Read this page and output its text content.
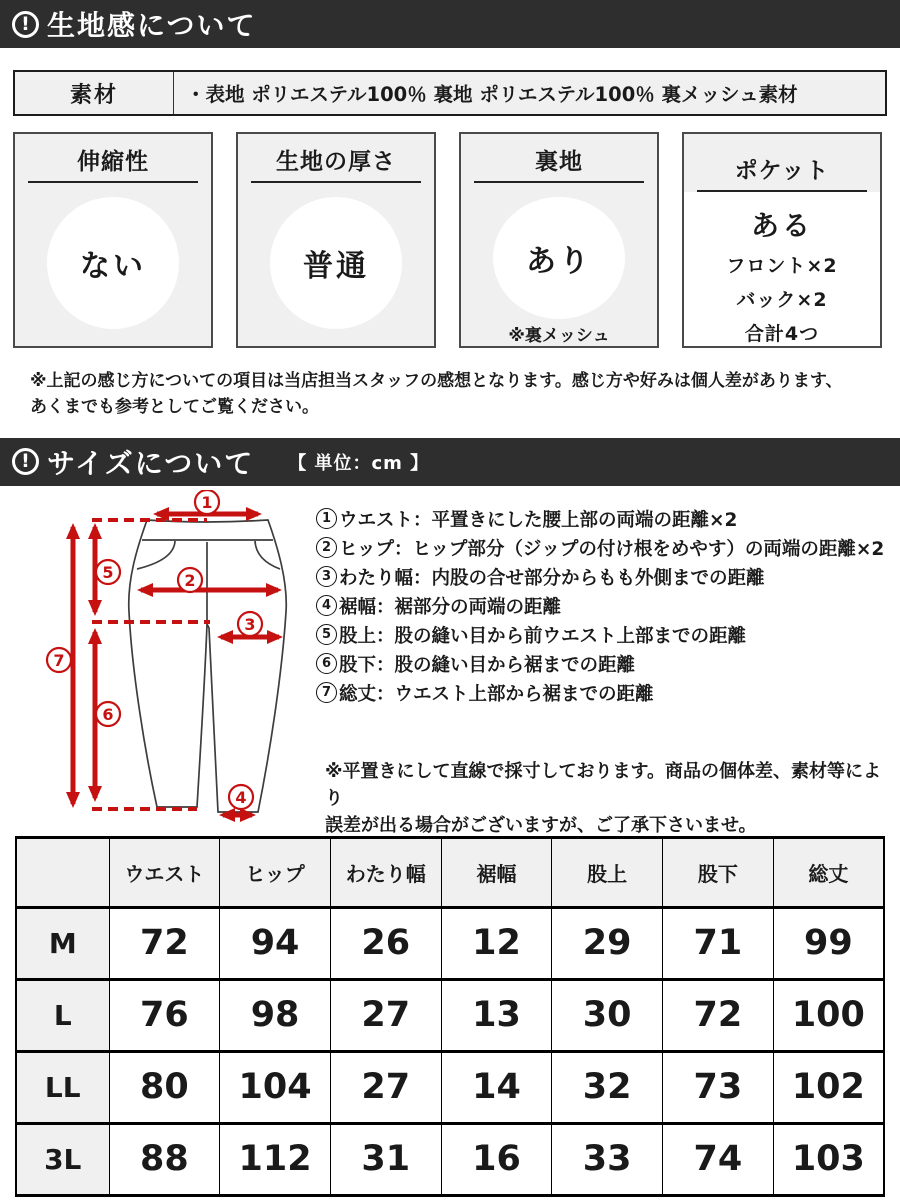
! 生地感について
素材	・表地 ポリエステル100％ 裏地 ポリエステル100％ 裏メッシュ素材
伸縮性
ない
生地の厚さ
普通
裏地
あり
※裏メッシュ
ポケット
ある
フロント×2
バック×2
合計4つ
※上記の感じ方についての項目は当店担当スタッフの感想となります。感じ方や好みは個人差があります、
あくまでも参考としてご覧ください。
! サイズについて 【 単位：cm 】
1
2
3
4
5
6
7
1 ウエスト：平置きにした腰上部の両端の距離×2
2 ヒップ：ヒップ部分（ジップの付け根をめやす）の両端の距離×2
3 わたり幅：内股の合せ部分からもも外側までの距離
4 裾幅：裾部分の両端の距離
5 股上：股の縫い目から前ウエスト上部までの距離
6 股下：股の縫い目から裾までの距離
7 総丈：ウエスト上部から裾までの距離
※平置きにして直線で採寸しております。商品の個体差、素材等により
誤差が出る場合がございますが、ご了承下さいませ。
	ウエスト	ヒップ	わたり幅	裾幅	股上	股下	総丈
M	72	94	26	12	29	71	99
L	76	98	27	13	30	72	100
LL	80	104	27	14	32	73	102
3L	88	112	31	16	33	74	103
